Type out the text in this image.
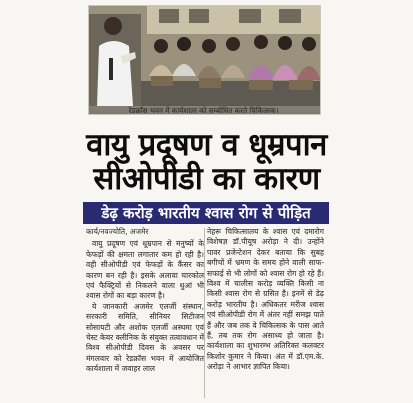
रेडक्रॉस भवन में कार्यशाला को सम्बोधित करते चिकित्सक।
वायु प्रदूषण व धूम्रपान
सीओपीडी का कारण
डेढ़ करोड़ भारतीय श्वास रोग से पीड़ित
कार्य/नवज्योति, अजमेर

वायु प्रदूषण एवं धूम्रपान से मनुष्यों के फेफड़ों की क्षमता लगातार कम हो रही है। वही सीओपीडी एवं फेफड़ों के कैंसर का कारण बन रही है। इसके अलावा चारकोल एवं फैक्ट्रियों से निकलने वाला धुआं भी श्वास रोगों का बड़ा कारण है।

ये जानकारी अजमेर एलर्जी संस्थान, सरकारी समिति, सीनियर सिटीजन सोसायटी और अशोक एलर्जी अस्थमा एवं चेस्ट केयर क्लीनिक के संयुक्त तत्वावधान में विश्व सीओपीडी दिवस के अवसर पर मंगलवार को रेडक्रॉस भवन में आयोजित कार्यशाला में जवाहर लाल

नेहरू चिकित्सालय के श्वास एवं दमारोग विशेषज्ञ डॉ.पीयूष अरोड़ा ने दी। उन्होंने पावर प्रजेन्टेशन देकर बताया कि सुबह बगीचों में भ्रमण के समय होने वाली साफ-सफाई से भी लोगों को श्वास रोग हो रहे हैं। विश्व में चालीस करोड़ व्यक्ति किसी ना किसी श्वास रोग से ग्रसित है। इनमें से डेढ़ करोड़ भारतीय है। अधिकतर मरीज श्वास एवं सीओपीडी रोग में अंतर नहीं समझ पाते हैं और जब तक वे चिकित्सक के पास आते हैं, तब तक रोग असाध्य हो जाता है। कार्यशाला का शुभारम्भ अतिरिक्त कलक्टर किशोर कुमार ने किया। अंत में डॉ.एम.के. अरोड़ा ने आभार ज्ञापित किया।
